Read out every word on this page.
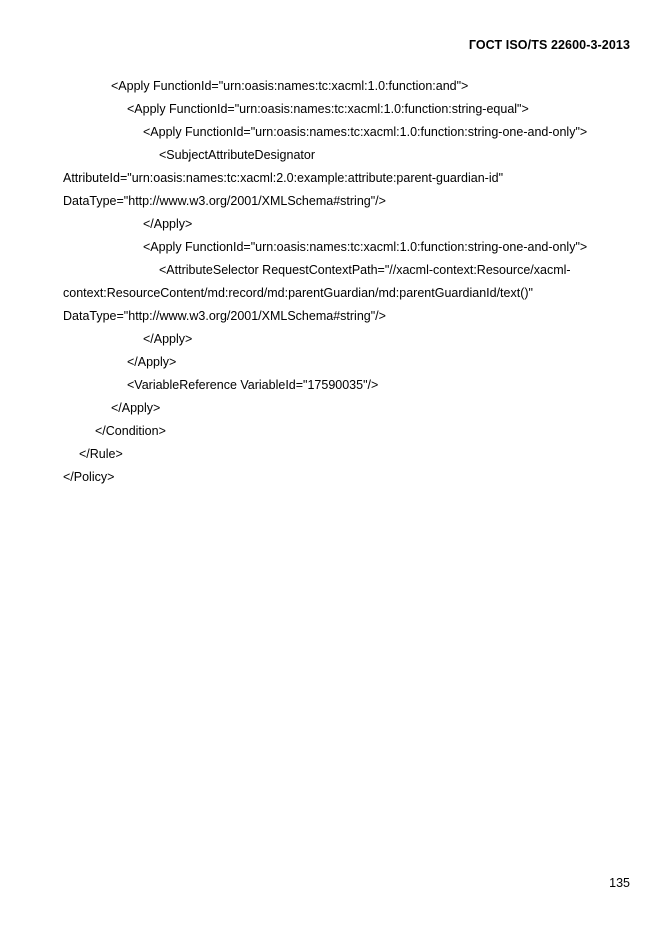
ГОСТ ISO/TS 22600-3-2013
<Apply FunctionId="urn:oasis:names:tc:xacml:1.0:function:and">
<Apply FunctionId="urn:oasis:names:tc:xacml:1.0:function:string-equal">
<Apply FunctionId="urn:oasis:names:tc:xacml:1.0:function:string-one-and-only">
<SubjectAttributeDesignator
AttributeId="urn:oasis:names:tc:xacml:2.0:example:attribute:parent-guardian-id"
DataType="http://www.w3.org/2001/XMLSchema#string"/>
</Apply>
<Apply FunctionId="urn:oasis:names:tc:xacml:1.0:function:string-one-and-only">
<AttributeSelector RequestContextPath="//xacml-context:Resource/xacml-
context:ResourceContent/md:record/md:parentGuardian/md:parentGuardianId/text()"
DataType="http://www.w3.org/2001/XMLSchema#string"/>
</Apply>
</Apply>
<VariableReference VariableId="17590035"/>
</Apply>
</Condition>
</Rule>
</Policy>
135
